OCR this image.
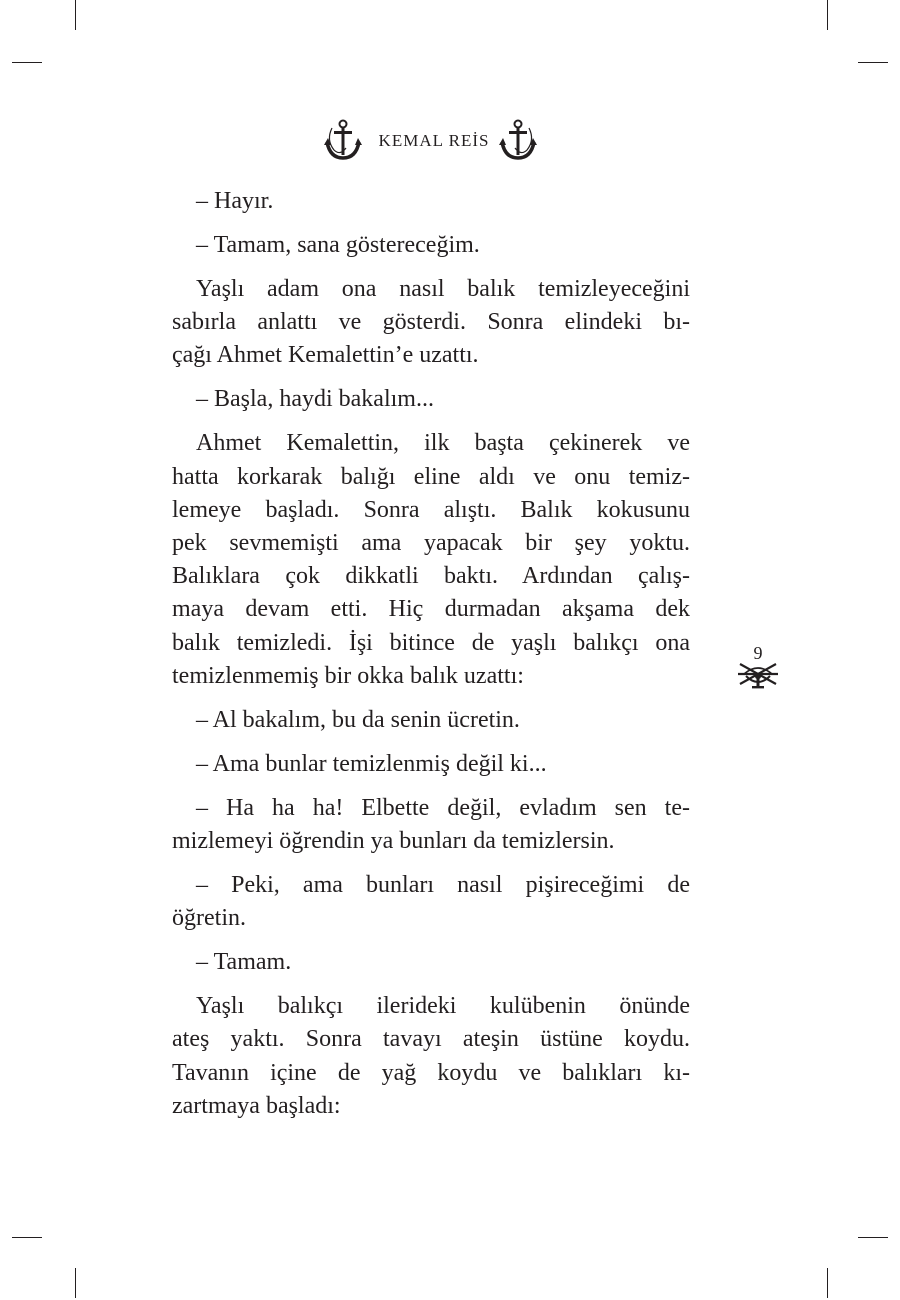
KEMAL REİS

– Hayır.

– Tamam, sana göstereceğim.

Yaşlı adam ona nasıl balık temizleyeceğini
sabırla anlattı ve gösterdi. Sonra elindeki bı-
çağı Ahmet Kemalettin’e uzattı.

– Başla, haydi bakalım...

Ahmet Kemalettin, ilk başta çekinerek ve
hatta korkarak balığı eline aldı ve onu temiz-
lemeye başladı. Sonra alıştı. Balık kokusunu
pek sevmemişti ama yapacak bir şey yoktu.
Balıklara çok dikkatli baktı. Ardından çalış-
maya devam etti. Hiç durmadan akşama dek
balık temizledi. İşi bitince de yaşlı balıkçı ona
temizlenmemiş bir okka balık uzattı:

– Al bakalım, bu da senin ücretin.

– Ama bunlar temizlenmiş değil ki...

– Ha ha ha! Elbette değil, evladım sen te-
mizlemeyi öğrendin ya bunları da temizlersin.

– Peki, ama bunları nasıl pişireceğimi de
öğretin.

– Tamam.

Yaşlı balıkçı ilerideki kulübenin önünde
ateş yaktı. Sonra tavayı ateşin üstüne koydu.
Tavanın içine de yağ koydu ve balıkları kı-
zartmaya başladı:

9
